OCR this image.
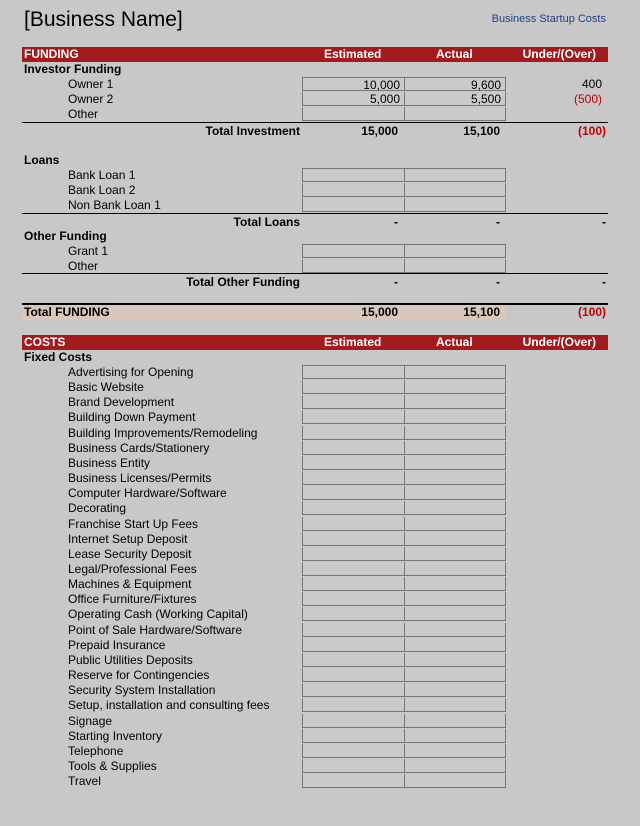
[Business Name]	Business Startup Costs
FUNDING	Estimated	Actual	Under/(Over)
Investor Funding
Owner 1	10,000	9,600	400
Owner 2	5,000	5,500	(500)
Other
Total Investment	15,000	15,100	(100)
Loans
Bank Loan 1
Bank Loan 2
Non Bank Loan 1
Total Loans	-	-	-
Other Funding
Grant 1
Other
Total Other Funding	-	-	-
Total FUNDING	15,000	15,100	(100)
COSTS	Estimated	Actual	Under/(Over)
Fixed Costs
Advertising for Opening
Basic Website
Brand Development
Building Down Payment
Building Improvements/Remodeling
Business Cards/Stationery
Business Entity
Business Licenses/Permits
Computer Hardware/Software
Decorating
Franchise Start Up Fees
Internet Setup Deposit
Lease Security Deposit
Legal/Professional Fees
Machines & Equipment
Office Furniture/Fixtures
Operating Cash (Working Capital)
Point of Sale Hardware/Software
Prepaid Insurance
Public Utilities Deposits
Reserve for Contingencies
Security System Installation
Setup, installation and consulting fees
Signage
Starting Inventory
Telephone
Tools & Supplies
Travel
